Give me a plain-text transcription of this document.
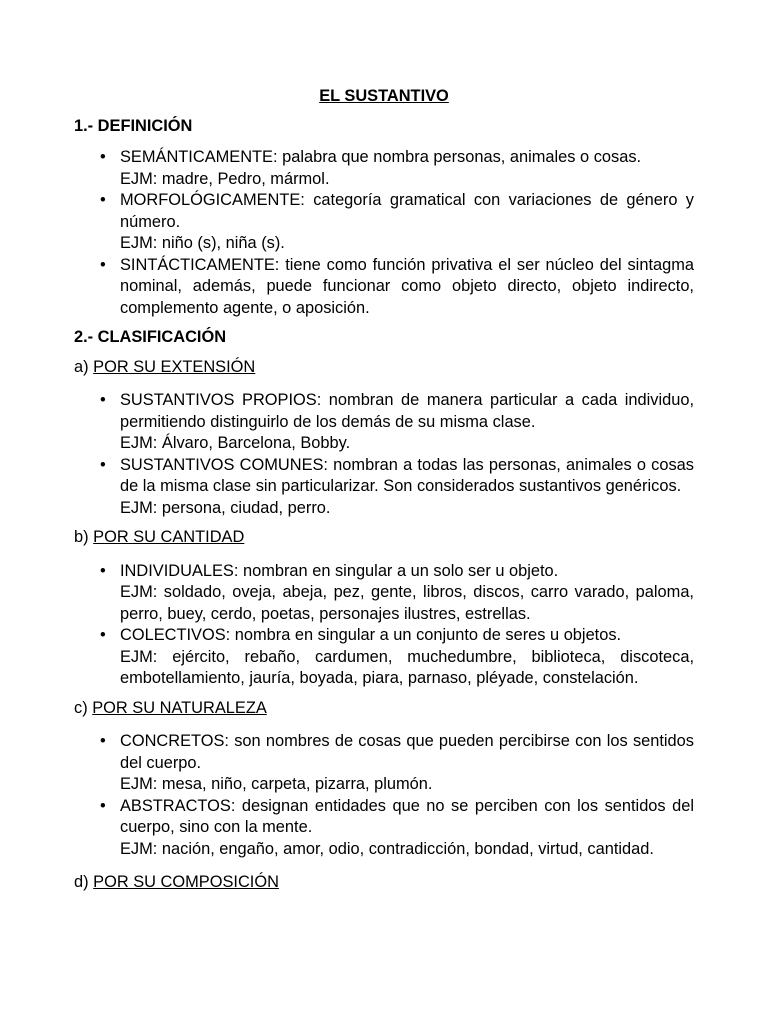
EL SUSTANTIVO
1.- DEFINICIÓN
• SEMÁNTICAMENTE: palabra que nombra personas, animales o cosas.
EJM: madre, Pedro, mármol.
• MORFOLÓGICAMENTE: categoría gramatical con variaciones de género y número.
EJM: niño (s), niña (s).
• SINTÁCTICAMENTE: tiene como función privativa el ser núcleo del sintagma nominal, además, puede funcionar como objeto directo, objeto indirecto, complemento agente, o aposición.
2.- CLASIFICACIÓN
a) POR SU EXTENSIÓN
• SUSTANTIVOS PROPIOS: nombran de manera particular a cada individuo, permitiendo distinguirlo de los demás de su misma clase.
EJM: Álvaro, Barcelona, Bobby.
• SUSTANTIVOS COMUNES: nombran a todas las personas, animales o cosas de la misma clase sin particularizar. Son considerados sustantivos genéricos.
EJM: persona, ciudad, perro.
b) POR SU CANTIDAD
• INDIVIDUALES: nombran en singular a un solo ser u objeto.
EJM: soldado, oveja, abeja, pez, gente, libros, discos, carro varado, paloma, perro, buey, cerdo, poetas, personajes ilustres, estrellas.
• COLECTIVOS: nombra en singular a un conjunto de seres u objetos.
EJM: ejército, rebaño, cardumen, muchedumbre, biblioteca, discoteca, embotellamiento, jauría, boyada, piara, parnaso, pléyade, constelación.
c) POR SU NATURALEZA
• CONCRETOS: son nombres de cosas que pueden percibirse con los sentidos del cuerpo.
EJM: mesa, niño, carpeta, pizarra, plumón.
• ABSTRACTOS: designan entidades que no se perciben con los sentidos del cuerpo, sino con la mente.
EJM: nación, engaño, amor, odio, contradicción, bondad, virtud, cantidad.
d) POR SU COMPOSICIÓN
